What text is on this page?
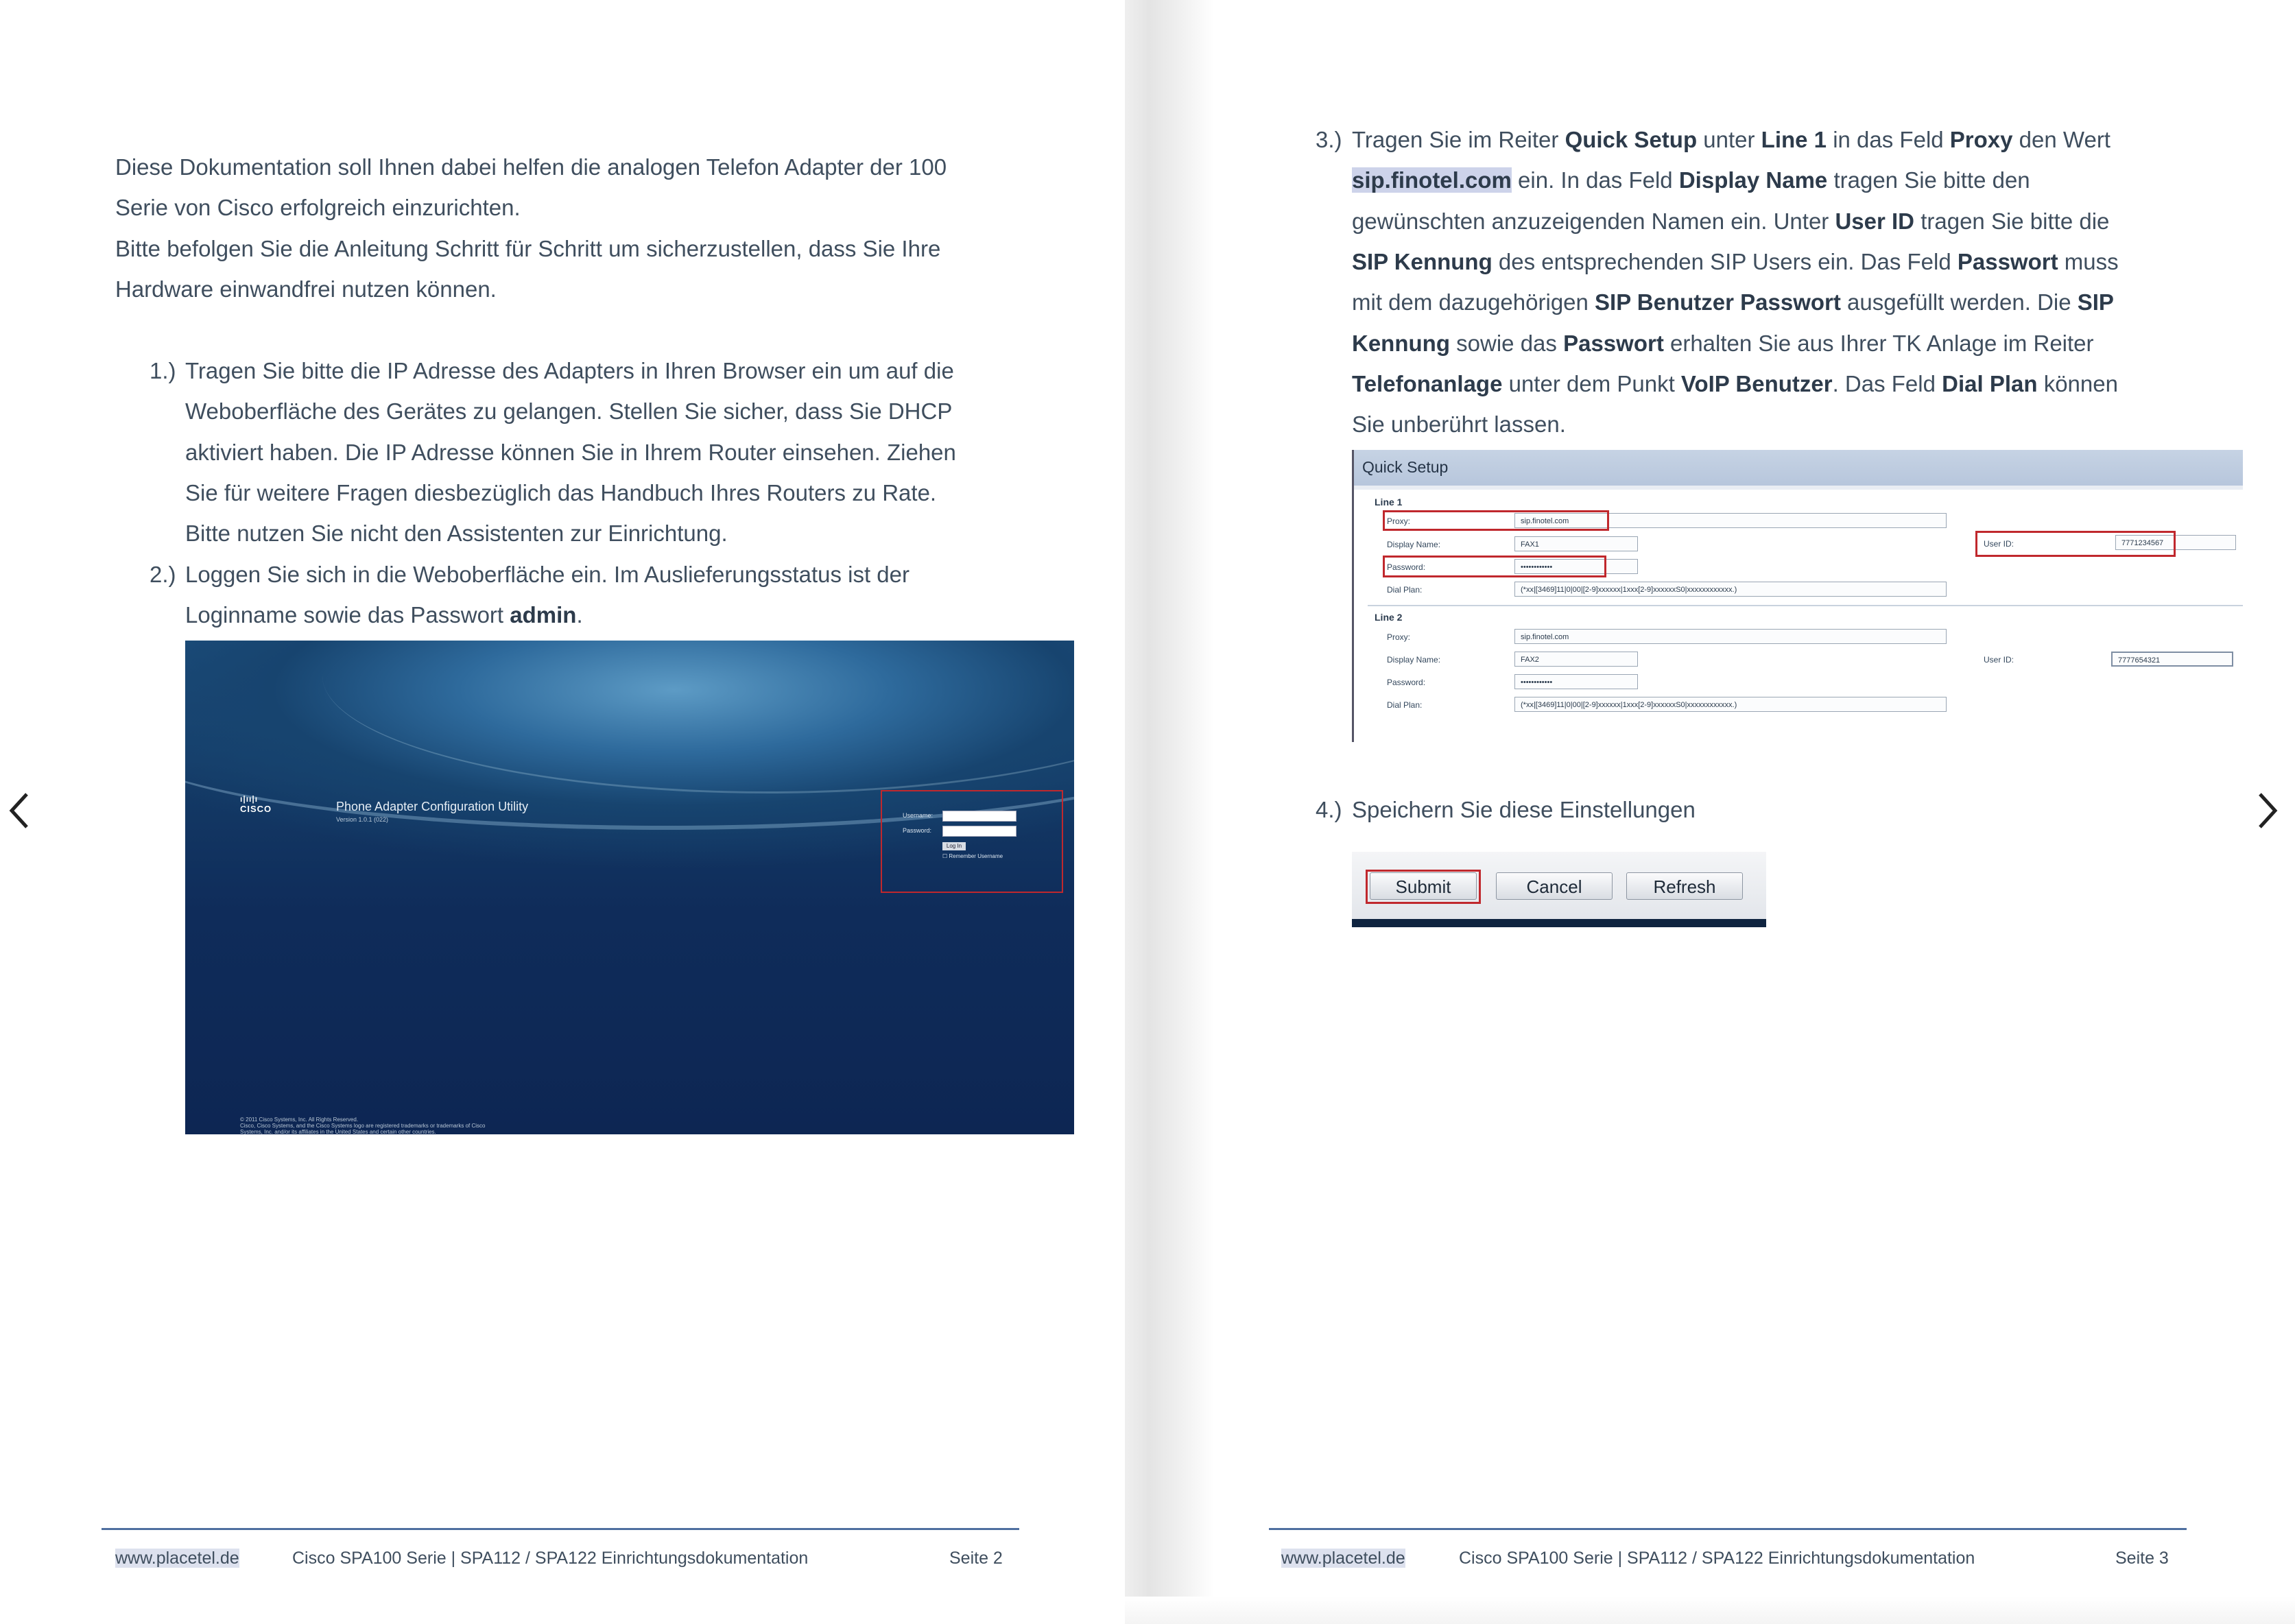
Diese Dokumentation soll Ihnen dabei helfen die analogen Telefon Adapter der 100
Serie von Cisco erfolgreich einzurichten.
Bitte befolgen Sie die Anleitung Schritt für Schritt um sicherzustellen, dass Sie Ihre
Hardware einwandfrei nutzen können.
1.) Tragen Sie bitte die IP Adresse des Adapters in Ihren Browser ein um auf die
Weboberfläche des Gerätes zu gelangen. Stellen Sie sicher, dass Sie DHCP
aktiviert haben. Die IP Adresse können Sie in Ihrem Router einsehen. Ziehen
Sie für weitere Fragen diesbezüglich das Handbuch Ihres Routers zu Rate.
Bitte nutzen Sie nicht den Assistenten zur Einrichtung.
2.) Loggen Sie sich in die Weboberfläche ein. Im Auslieferungsstatus ist der
Loginname sowie das Passwort admin.
ı|ıı|ı
CISCO	Phone Adapter Configuration Utility
Version 1.0.1 (022)
Username:
Password:
Log In
☐ Remember Username
© 2011 Cisco Systems, Inc. All Rights Reserved.
Cisco, Cisco Systems, and the Cisco Systems logo are registered trademarks or trademarks of Cisco
Systems, Inc. and/or its affiliates in the United States and certain other countries.
www.placetel.de	Cisco SPA100 Serie | SPA112 / SPA122 Einrichtungsdokumentation	Seite 2
3.) Tragen Sie im Reiter Quick Setup unter Line 1 in das Feld Proxy den Wert
sip.finotel.com ein. In das Feld Display Name tragen Sie bitte den
gewünschten anzuzeigenden Namen ein. Unter User ID tragen Sie bitte die
SIP Kennung des entsprechenden SIP Users ein. Das Feld Passwort muss
mit dem dazugehörigen SIP Benutzer Passwort ausgefüllt werden. Die SIP
Kennung sowie das Passwort erhalten Sie aus Ihrer TK Anlage im Reiter
Telefonanlage unter dem Punkt VoIP Benutzer. Das Feld Dial Plan können
Sie unberührt lassen.
Quick Setup
Line 1
Proxy:	sip.finotel.com
Display Name:	FAX1
Password:	••••••••••••
Dial Plan:	(*xx|[3469]11|0|00|[2-9]xxxxxx|1xxx[2-9]xxxxxxS0|xxxxxxxxxxxx.)
User ID:	7771234567
Line 2
Proxy:	sip.finotel.com
Display Name:	FAX2
Password:	••••••••••••
Dial Plan:	(*xx|[3469]11|0|00|[2-9]xxxxxx|1xxx[2-9]xxxxxxS0|xxxxxxxxxxxx.)
User ID:	7777654321
4.) Speichern Sie diese Einstellungen
Submit	Cancel	Refresh
www.placetel.de	Cisco SPA100 Serie | SPA112 / SPA122 Einrichtungsdokumentation	Seite 3
